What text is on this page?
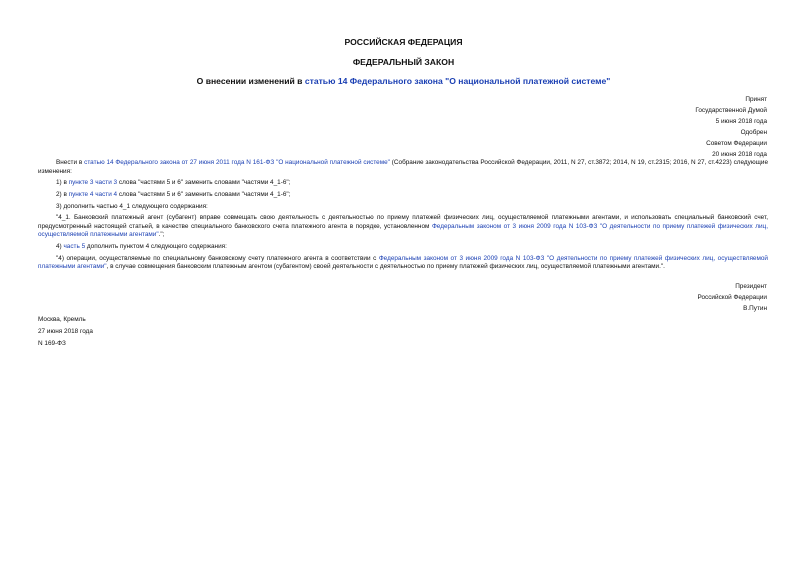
РОССИЙСКАЯ ФЕДЕРАЦИЯ
ФЕДЕРАЛЬНЫЙ ЗАКОН
О внесении изменений в статью 14 Федерального закона "О национальной платежной системе"
Принят
Государственной Думой
5 июня 2018 года
Одобрен
Советом Федерации
20 июня 2018 года

Внести в статью 14 Федерального закона от 27 июня 2011 года N 161-ФЗ "О национальной платежной системе" (Собрание законодательства Российской Федерации, 2011, N 27, ст.3872; 2014, N 19, ст.2315; 2016, N 27, ст.4223) следующие изменения:

1) в пункте 3 части 3 слова "частями 5 и 6" заменить словами "частями 4_1-6";

2) в пункте 4 части 4 слова "частями 5 и 6" заменить словами "частями 4_1-6";

3) дополнить частью 4_1 следующего содержания:

"4_1. Банковский платежный агент (субагент) вправе совмещать свою деятельность с деятельностью по приему платежей физических лиц, осуществляемой платежными агентами, и использовать специальный банковский счет, предусмотренный настоящей статьей, в качестве специального банковского счета платежного агента в порядке, установленном Федеральным законом от 3 июня 2009 года N 103-ФЗ "О деятельности по приему платежей физических лиц, осуществляемой платежными агентами".";

4) часть 5 дополнить пунктом 4 следующего содержания:

"4) операции, осуществляемые по специальному банковскому счету платежного агента в соответствии с Федеральным законом от 3 июня 2009 года N 103-ФЗ "О деятельности по приему платежей физических лиц, осуществляемой платежными агентами", в случае совмещения банковским платежным агентом (субагентом) своей деятельности с деятельностью по приему платежей физических лиц, осуществляемой платежными агентами.".

Президент
Российской Федерации
В.Путин
Москва, Кремль
27 июня 2018 года
N 169-ФЗ
